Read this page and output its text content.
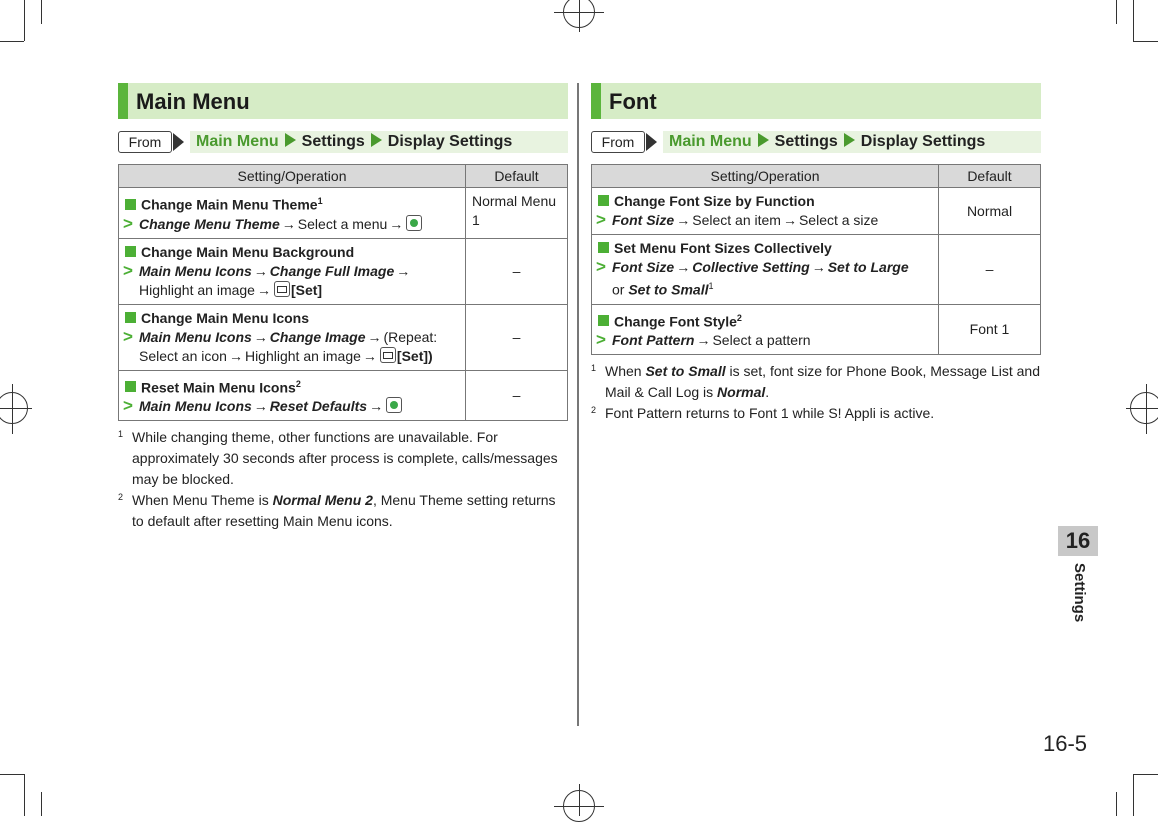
Main Menu
From	Main Menu Settings Display Settings
Setting/Operation	Default

Change Main Menu Theme$^1$
> Change Menu Theme → Select a menu →	Normal Menu 1

Change Main Menu Background
> Main Menu Icons → Change Full Image →
Highlight an image → [Set]	–

Change Main Menu Icons
> Main Menu Icons → Change Image → (Repeat:
Select an icon → Highlight an image → [Set])	–

Reset Main Menu Icons$^2$
> Main Menu Icons → Reset Defaults →	–
1 While changing theme, other functions are unavailable. For approximately 30 seconds after process is complete, calls/messages may be blocked.
2 When Menu Theme is Normal Menu 2, Menu Theme setting returns to default after resetting Main Menu icons.
Font
From	Main Menu Settings Display Settings
Setting/Operation	Default

Change Font Size by Function
> Font Size → Select an item → Select a size	Normal

Set Menu Font Sizes Collectively
> Font Size → Collective Setting → Set to Large
or Set to Small$^1$	–

Change Font Style$^2$
> Font Pattern → Select a pattern	Font 1
1 When Set to Small is set, font size for Phone Book, Message List and Mail & Call Log is Normal.
2 Font Pattern returns to Font 1 while S! Appli is active.
16
Settings
16-5
